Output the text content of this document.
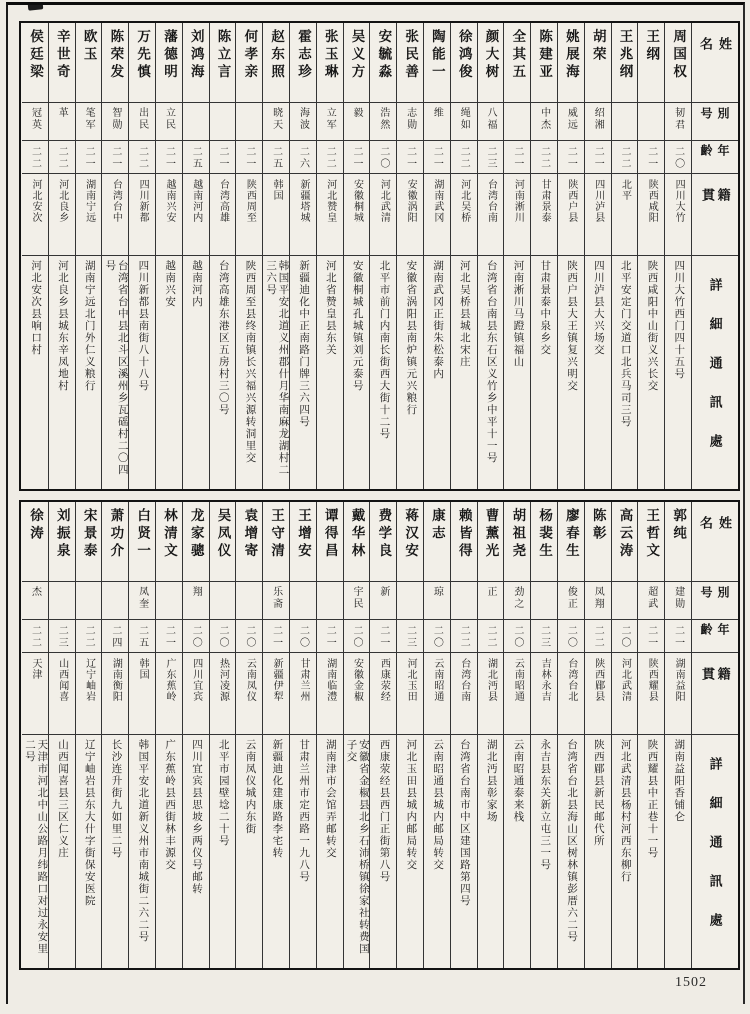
姓名
別号
年齡
籍貫
詳細通訊處
周国权
韧君
二〇
四川大竹
四川大竹西门四十五号
王纲
二一
陕西咸阳
陕西咸阳中山街义兴长交
王兆纲
二二
北平
北平安定门交道口北兵马司三号
胡荣
绍湘
二一
四川泸县
四川泸县大兴场交
姚展海
威远
二一
陕西户县
陕西户县大王镇复兴明交
陈建亚
中杰
二二
甘肃景泰
甘肃景泰中泉乡交
全其五
二一
河南淅川
河南淅川马蹬镇福山
颜大树
八福
二三
台湾台南
台湾省台南县东石区义竹乡中平十一号
徐鸿俊
绳如
二二
河北吴桥
河北吴桥县城北宋庄
陶能一
维
二一
湖南武冈
湖南武冈正街朱松泰内
张民善
志勋
二一
安徽涡阳
安徽省涡阳县南炉镇元兴粮行
安毓淼
浩然
二〇
河北武清
北平市前门内南长街西大街十二号
吴义方
毅
二一
安徽桐城
安徽桐城孔城镇刘元泰号
张玉琳
立军
二二
河北赞皇
河北省赞皇县东关
霍志珍
海波
二六
新疆塔城
新疆迪化中正南路门牌三六四号
赵东照
晓天
二五
韩国
韩国平安北道义州郡什月华南麻龙湖村二三六号
何孝亲
二一
陕西周至
陕西周至县终南镇长兴福兴源转洞里交
陈立言
二一
台湾高雄
台湾高雄东港区五房村三〇号
刘鸿海
二五
越南河内
越南河内
藩德明
立民
二一
越南兴安
越南兴安
万先慎
出民
二二
四川新都
四川新都县南街八十八号
陈荣发
智勋
二一
台湾台中
台湾省台中县北斗区溪州乡瓦磘村二〇四号
欧玉
笔军
二一
湖南宁远
湖南宁远北门外仁义粮行
辛世奇
革
二二
河北良乡
河北良乡县城东辛凤地村
侯廷梁
冠英
二二
河北安次
河北安次县响口村
姓名
別号
年齡
籍貫
詳細通訊處
郭纯
建勋
二一
湖南益阳
湖南益阳香铺仑
王哲文
超武
二一
陕西耀县
陕西耀县中正巷十一号
高云涛
二〇
河北武清
河北武清县杨村河西东柳行
陈彰
凤翔
二二
陕西郿县
陕西郿县新民邮代所
廖春生
俊正
二〇
台湾台北
台湾省台北县海山区树林镇彭厝六二号
杨裴生
二三
吉林永吉
永吉县东关新立屯三一号
胡祖尧
劲之
二〇
云南昭通
云南昭通泰来栈
曹薰光
正
二二
湖北沔县
湖北沔县彰家场
赖皆得
二二
台湾台南
台湾省台南市中区建国路第四号
康志
琼
二〇
云南昭通
云南昭通县城内邮局转交
蒋汉安
二三
河北玉田
河北玉田县城内邮局转交
费学良
新
二一
西康荥经
西康荥经县西门正街第八号
戴华林
宇民
二〇
安徽金椒
安徽省金椒县北乡石沛桥镇徐家社转费国子交
谭得昌
二一
湖南临澧
湖南津市会馆弄邮转交
王增安
二〇
甘肃兰州
甘肃兰州市定西路一九八号
王守清
乐斋
二一
新疆伊犁
新疆迪化建康路李宅转
袁增寄
二〇
云南凤仪
云南凤仪城内东街
吴凤仪
二〇
热河凌源
北平市园壁埝二十号
龙家骢
翔
二〇
四川宜宾
四川宜宾县思坡乡两仪号邮转
林清文
二一
广东蕉岭
广东蕉岭县西街林丰源交
白贤一
凤奎
二五
韩国
韩国平安北道新义州市南城街二六二号
萧功介
二四
湖南衡阳
长沙连升街九如里二号
宋景泰
二二
辽宁岫岩
辽宁岫岩县东大什字街保安医院
刘振泉
二三
山西闻喜
山西闻喜县三区仁义庄
徐涛
杰
二二
天津
天津市河北中山公路月纬路口对过永安里二号
1502
